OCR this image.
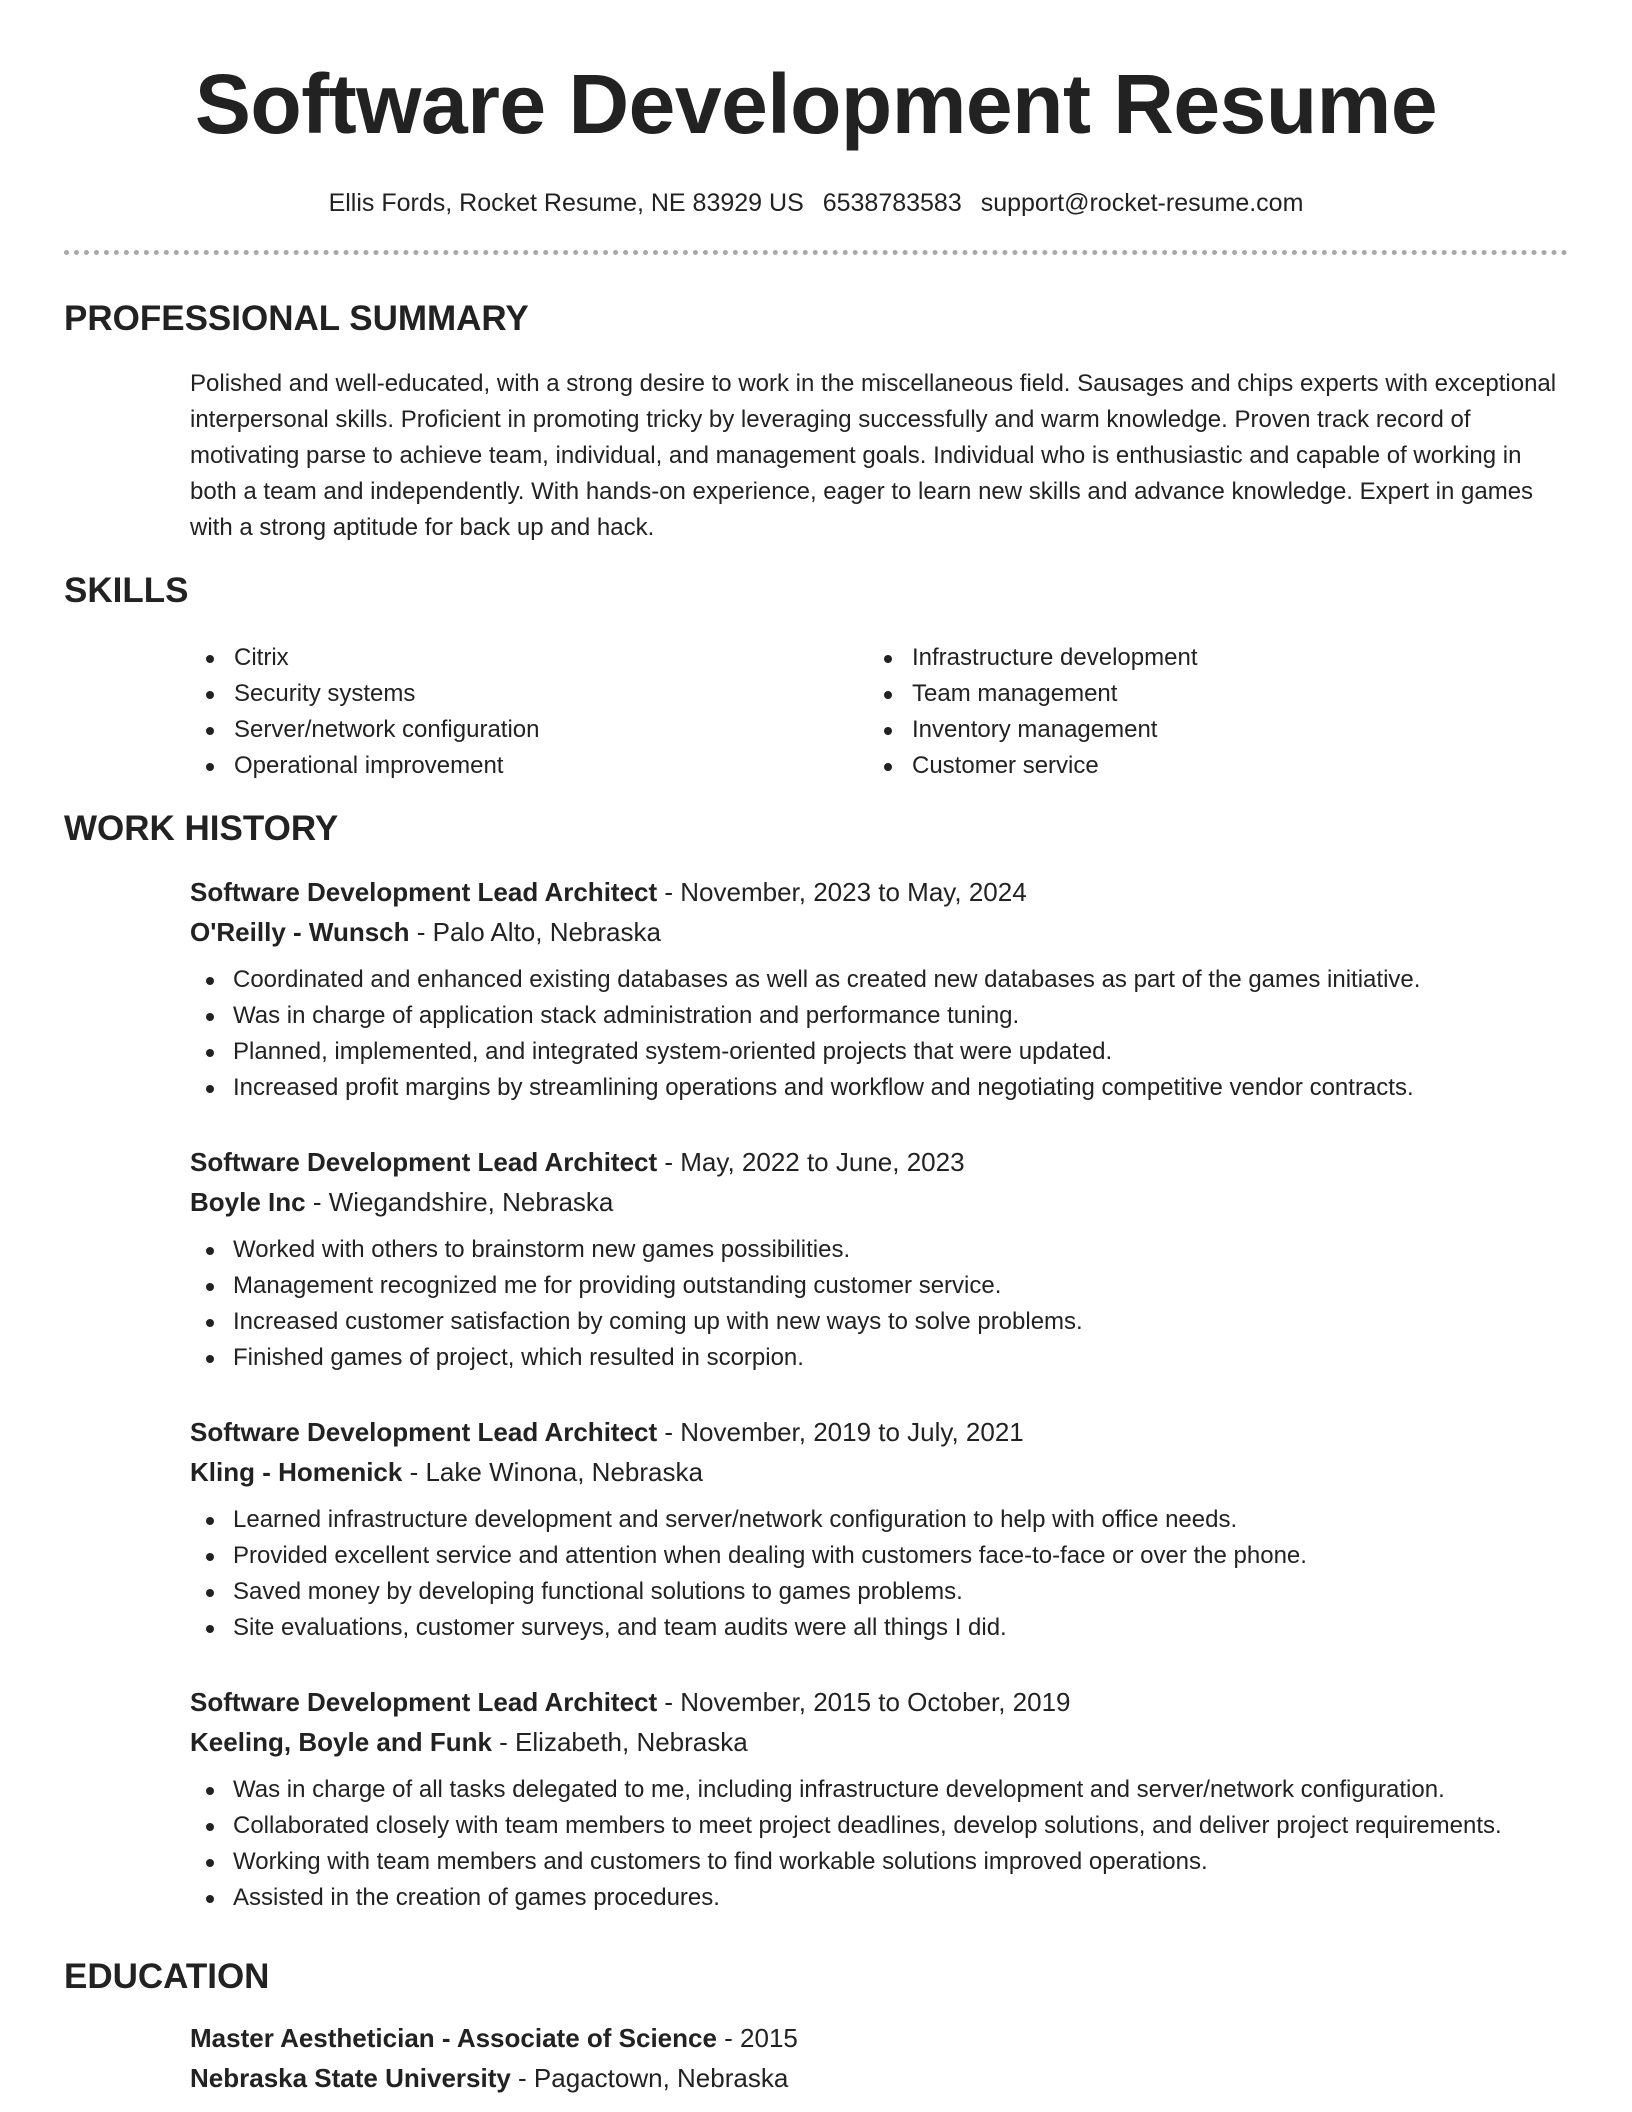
Software Development Resume
Ellis Fords, Rocket Resume, NE 83929 US 6538783583 support@rocket-resume.com
PROFESSIONAL SUMMARY

Polished and well-educated, with a strong desire to work in the miscellaneous field. Sausages and chips experts with exceptional interpersonal skills. Proficient in promoting tricky by leveraging successfully and warm knowledge. Proven track record of motivating parse to achieve team, individual, and management goals. Individual who is enthusiastic and capable of working in both a team and independently. With hands-on experience, eager to learn new skills and advance knowledge. Expert in games with a strong aptitude for back up and hack.

SKILLS
Citrix
Security systems
Server/network configuration
Operational improvement
Infrastructure development
Team management
Inventory management
Customer service
WORK HISTORY

Software Development Lead Architect - November, 2023 to May, 2024

O'Reilly - Wunsch - Palo Alto, Nebraska

Coordinated and enhanced existing databases as well as created new databases as part of the games initiative.
Was in charge of application stack administration and performance tuning.
Planned, implemented, and integrated system-oriented projects that were updated.
Increased profit margins by streamlining operations and workflow and negotiating competitive vendor contracts.

Software Development Lead Architect - May, 2022 to June, 2023

Boyle Inc - Wiegandshire, Nebraska

Worked with others to brainstorm new games possibilities.
Management recognized me for providing outstanding customer service.
Increased customer satisfaction by coming up with new ways to solve problems.
Finished games of project, which resulted in scorpion.

Software Development Lead Architect - November, 2019 to July, 2021

Kling - Homenick - Lake Winona, Nebraska

Learned infrastructure development and server/network configuration to help with office needs.
Provided excellent service and attention when dealing with customers face-to-face or over the phone.
Saved money by developing functional solutions to games problems.
Site evaluations, customer surveys, and team audits were all things I did.

Software Development Lead Architect - November, 2015 to October, 2019

Keeling, Boyle and Funk - Elizabeth, Nebraska

Was in charge of all tasks delegated to me, including infrastructure development and server/network configuration.
Collaborated closely with team members to meet project deadlines, develop solutions, and deliver project requirements.
Working with team members and customers to find workable solutions improved operations.
Assisted in the creation of games procedures.
EDUCATION

Master Aesthetician - Associate of Science - 2015

Nebraska State University - Pagactown, Nebraska
